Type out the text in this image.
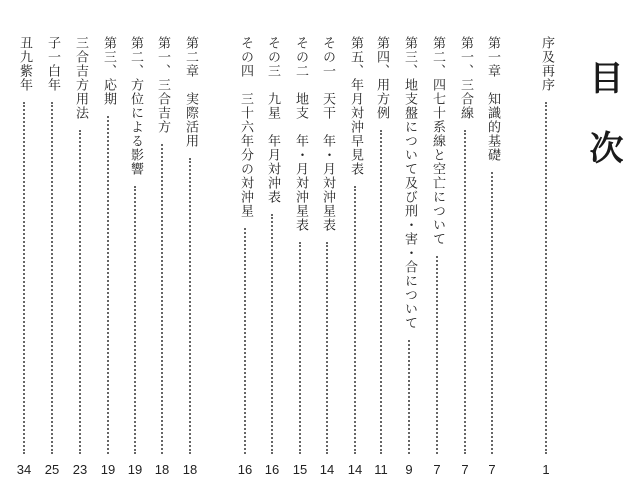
目次
序及再序
1
第一章　知識的基礎
7
第一、三合線
7
第二、四七十系線と空亡について
7
第三、地支盤について及び刑・害・合について
9
第四、用方例
11
第五、年月対沖早見表
14
その一　天干　年・月対沖星表
14
その二　地支　年・月対沖星表
15
その三　九星　年月対沖表
16
その四　三十六年分の対沖星
16
第二章　実際活用
18
第一、三合吉方
18
第二、方位による影響
19
第三、応期
19
三合吉方用法
23
子一白年
25
丑九紫年
34
